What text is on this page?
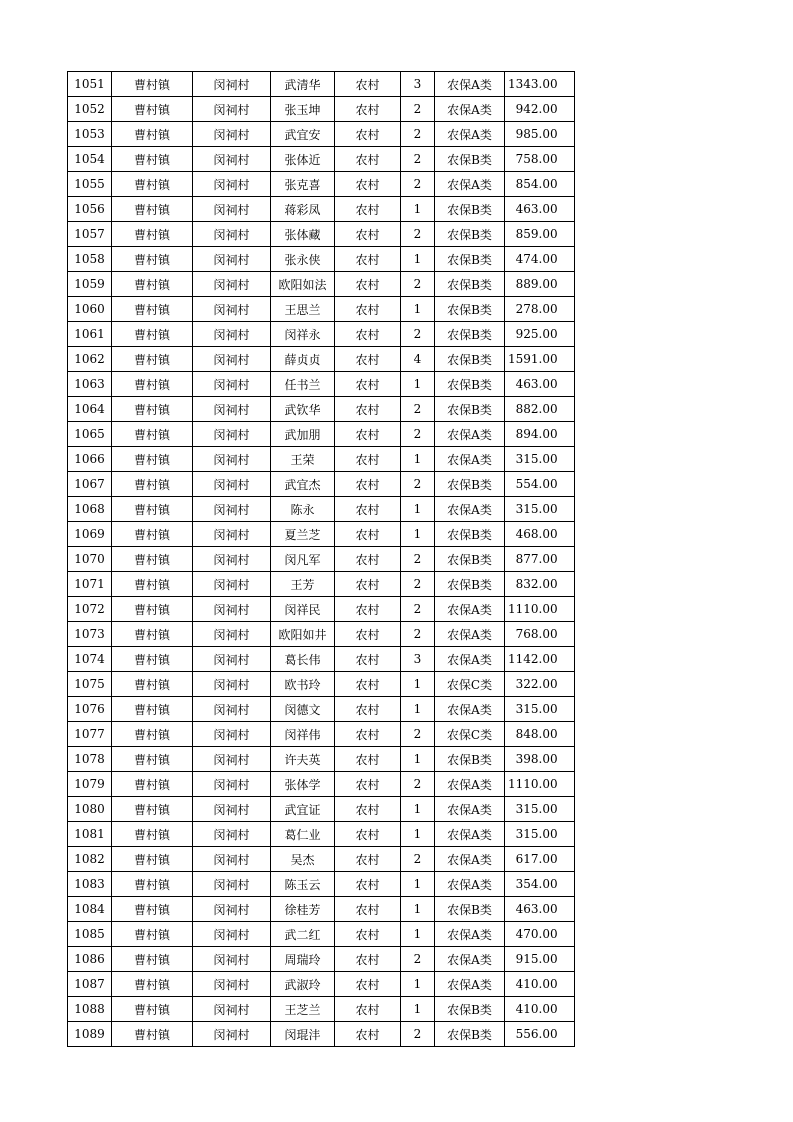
1051	曹村镇	闵祠村	武清华	农村	3	农保A类	1343.00
1052	曹村镇	闵祠村	张玉坤	农村	2	农保A类	942.00
1053	曹村镇	闵祠村	武宜安	农村	2	农保A类	985.00
1054	曹村镇	闵祠村	张体近	农村	2	农保B类	758.00
1055	曹村镇	闵祠村	张克喜	农村	2	农保A类	854.00
1056	曹村镇	闵祠村	蒋彩凤	农村	1	农保B类	463.00
1057	曹村镇	闵祠村	张体藏	农村	2	农保B类	859.00
1058	曹村镇	闵祠村	张永侠	农村	1	农保B类	474.00
1059	曹村镇	闵祠村	欧阳如法	农村	2	农保B类	889.00
1060	曹村镇	闵祠村	王思兰	农村	1	农保B类	278.00
1061	曹村镇	闵祠村	闵祥永	农村	2	农保B类	925.00
1062	曹村镇	闵祠村	薛贞贞	农村	4	农保B类	1591.00
1063	曹村镇	闵祠村	任书兰	农村	1	农保B类	463.00
1064	曹村镇	闵祠村	武钦华	农村	2	农保B类	882.00
1065	曹村镇	闵祠村	武加朋	农村	2	农保A类	894.00
1066	曹村镇	闵祠村	王荣	农村	1	农保A类	315.00
1067	曹村镇	闵祠村	武宜杰	农村	2	农保B类	554.00
1068	曹村镇	闵祠村	陈永	农村	1	农保A类	315.00
1069	曹村镇	闵祠村	夏兰芝	农村	1	农保B类	468.00
1070	曹村镇	闵祠村	闵凡军	农村	2	农保B类	877.00
1071	曹村镇	闵祠村	王芳	农村	2	农保B类	832.00
1072	曹村镇	闵祠村	闵祥民	农村	2	农保A类	1110.00
1073	曹村镇	闵祠村	欧阳如井	农村	2	农保A类	768.00
1074	曹村镇	闵祠村	葛长伟	农村	3	农保A类	1142.00
1075	曹村镇	闵祠村	欧书玲	农村	1	农保C类	322.00
1076	曹村镇	闵祠村	闵德文	农村	1	农保A类	315.00
1077	曹村镇	闵祠村	闵祥伟	农村	2	农保C类	848.00
1078	曹村镇	闵祠村	许夫英	农村	1	农保B类	398.00
1079	曹村镇	闵祠村	张体学	农村	2	农保A类	1110.00
1080	曹村镇	闵祠村	武宜证	农村	1	农保A类	315.00
1081	曹村镇	闵祠村	葛仁业	农村	1	农保A类	315.00
1082	曹村镇	闵祠村	吴杰	农村	2	农保A类	617.00
1083	曹村镇	闵祠村	陈玉云	农村	1	农保A类	354.00
1084	曹村镇	闵祠村	徐桂芳	农村	1	农保B类	463.00
1085	曹村镇	闵祠村	武二红	农村	1	农保A类	470.00
1086	曹村镇	闵祠村	周瑞玲	农村	2	农保A类	915.00
1087	曹村镇	闵祠村	武淑玲	农村	1	农保A类	410.00
1088	曹村镇	闵祠村	王芝兰	农村	1	农保B类	410.00
1089	曹村镇	闵祠村	闵琨沣	农村	2	农保B类	556.00
